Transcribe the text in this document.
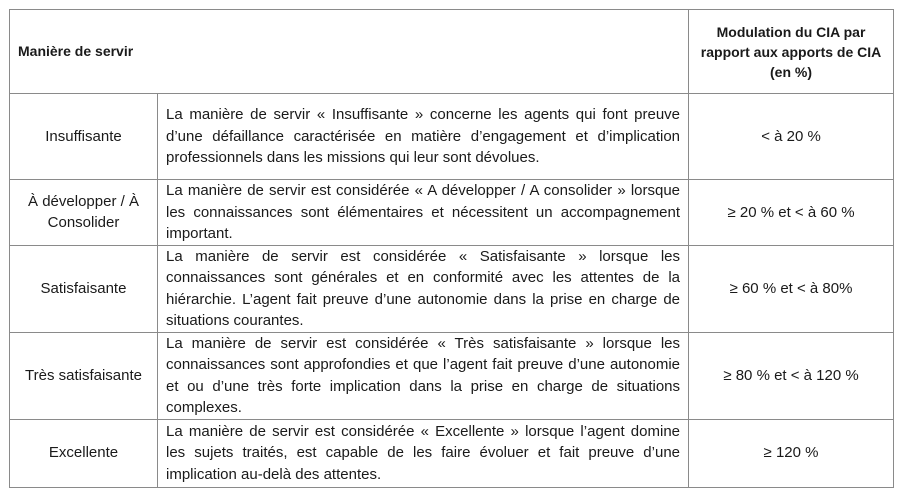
Manière de servir		Modulation du CIA par rapport aux apports de CIA (en %)
Insuffisante	La manière de servir « Insuffisante » concerne les agents qui font preuve d’une défaillance caractérisée en matière d’engagement et d’implication professionnels dans les missions qui leur sont dévolues.	< à 20 %
À développer / À Consolider	La manière de servir est considérée « A développer / A consolider » lorsque les connaissances sont élémentaires et nécessitent un accompagnement important.	≥ 20 % et < à 60 %
Satisfaisante	La manière de servir est considérée « Satisfaisante » lorsque les connaissances sont générales et en conformité avec les attentes de la hiérarchie. L’agent fait preuve d’une autonomie dans la prise en charge de situations courantes.	≥ 60 % et < à 80%
Très satisfaisante	La manière de servir est considérée « Très satisfaisante » lorsque les connaissances sont approfondies et que l’agent fait preuve d’une autonomie et ou d’une très forte implication dans la prise en charge de situations complexes.	≥ 80 % et < à 120 %
Excellente	La manière de servir est considérée « Excellente » lorsque l’agent domine les sujets traités, est capable de les faire évoluer et fait preuve d’une implication au-delà des attentes.	≥ 120 %
